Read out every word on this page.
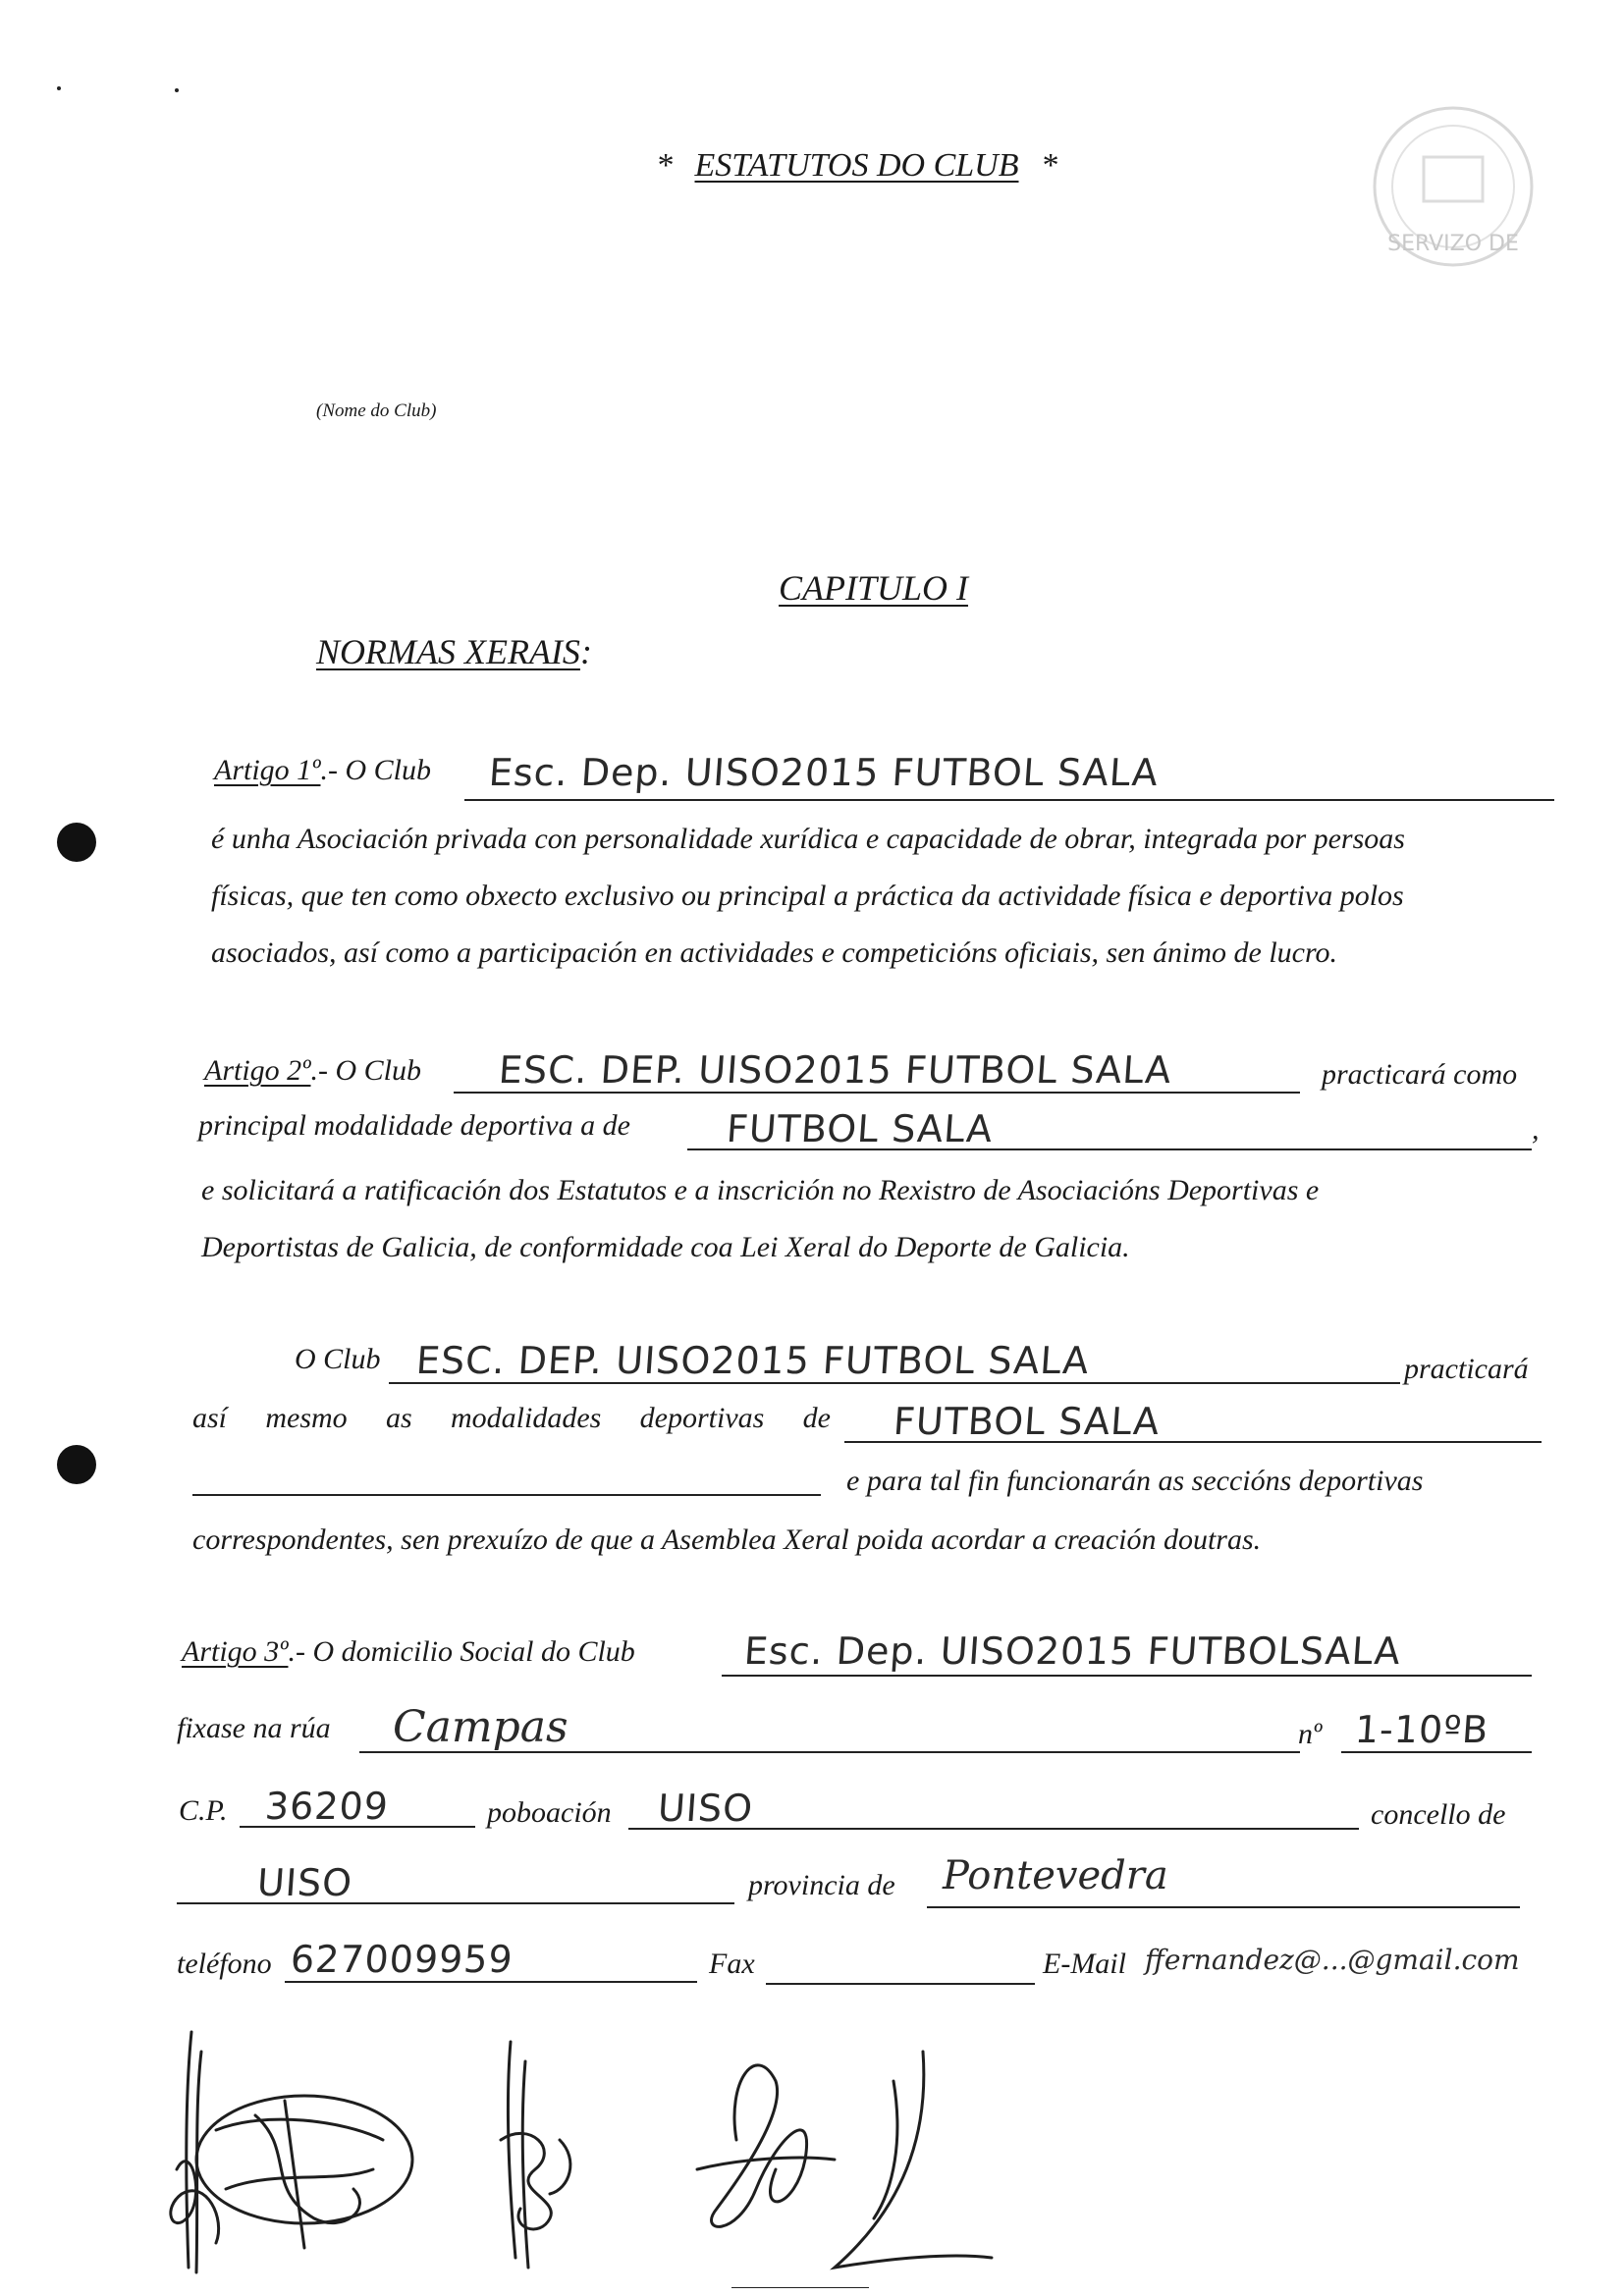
SERVIZO DE
* ESTATUTOS DO CLUB *
(Nome do Club)
CAPITULO I
NORMAS XERAIS:
Artigo 1º.- O Club Esc. Dep. UISO2015 FUTBOL SALA
é unha Asociación privada con personalidade xurídica e capacidade de obrar, integrada por persoas
físicas, que ten como obxecto exclusivo ou principal a práctica da actividade física e deportiva polos
asociados, así como a participación en actividades e competicións oficiais, sen ánimo de lucro.
Artigo 2º.- O Club ESC. DEP. UISO2015 FUTBOL SALA	practicará como
principal modalidade deportiva a de	FUTBOL SALA	,
e solicitará a ratificación dos Estatutos e a inscrición no Rexistro de Asociacións Deportivas e
Deportistas de Galicia, de conformidade coa Lei Xeral do Deporte de Galicia.
O Club ESC. DEP. UISO2015 FUTBOL SALA	practicará
así mesmo as modalidades deportivas de FUTBOL SALA
e para tal fin funcionarán as seccións deportivas
correspondentes, sen prexuízo de que a Asemblea Xeral poida acordar a creación doutras.
Artigo 3º.- O domicilio Social do Club	Esc. Dep. UISO2015 FUTBOLSALA
fixase na rúa Campas	nº 1-10ºB
C.P. 36209	poboación UISO	concello de
UISO	provincia de Pontevedra
teléfono 627009959	Fax	E-Mail ffernandez@...@gmail.com
